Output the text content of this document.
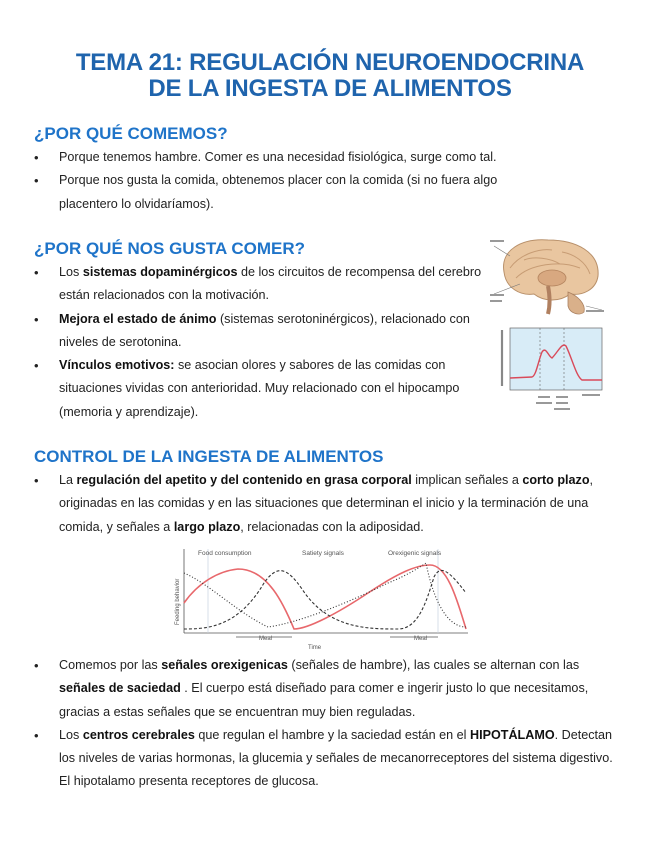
TEMA 21: REGULACIÓN NEUROENDOCRINA
DE LA INGESTA DE ALIMENTOS
¿POR QUÉ COMEMOS?
• Porque tenemos hambre. Comer es una necesidad fisiológica, surge como tal.
• Porque nos gusta la comida, obtenemos placer con la comida (si no fuera algo placentero lo olvidaríamos).
¿POR QUÉ NOS GUSTA COMER?
• Los sistemas dopaminérgicos de los circuitos de recompensa del cerebro están relacionados con la motivación.
• Mejora el estado de ánimo (sistemas serotoninérgicos), relacionado con niveles de serotonina.
• Vínculos emotivos: se asocian olores y sabores de las comidas con situaciones vividas con anterioridad. Muy relacionado con el hipocampo (memoria y aprendizaje).
CONTROL DE LA INGESTA DE ALIMENTOS
• La regulación del apetito y del contenido en grasa corporal implican señales a corto plazo, originadas en las comidas y en las situaciones que determinan el inicio y la terminación de una comida, y señales a largo plazo, relacionadas con la adiposidad.
Food consumption	Satiety signals	Orexigenic signals
Feeding behavior
Meal	Meal
Time
• Comemos por las señales orexigenicas (señales de hambre), las cuales se alternan con las señales de saciedad . El cuerpo está diseñado para comer e ingerir justo lo que necesitamos, gracias a estas señales que se encuentran muy bien reguladas.
• Los centros cerebrales que regulan el hambre y la saciedad están en el HIPOTÁLAMO. Detectan los niveles de varias hormonas, la glucemia y señales de mecanorreceptores del sistema digestivo. El hipotalamo presenta receptores de glucosa.
